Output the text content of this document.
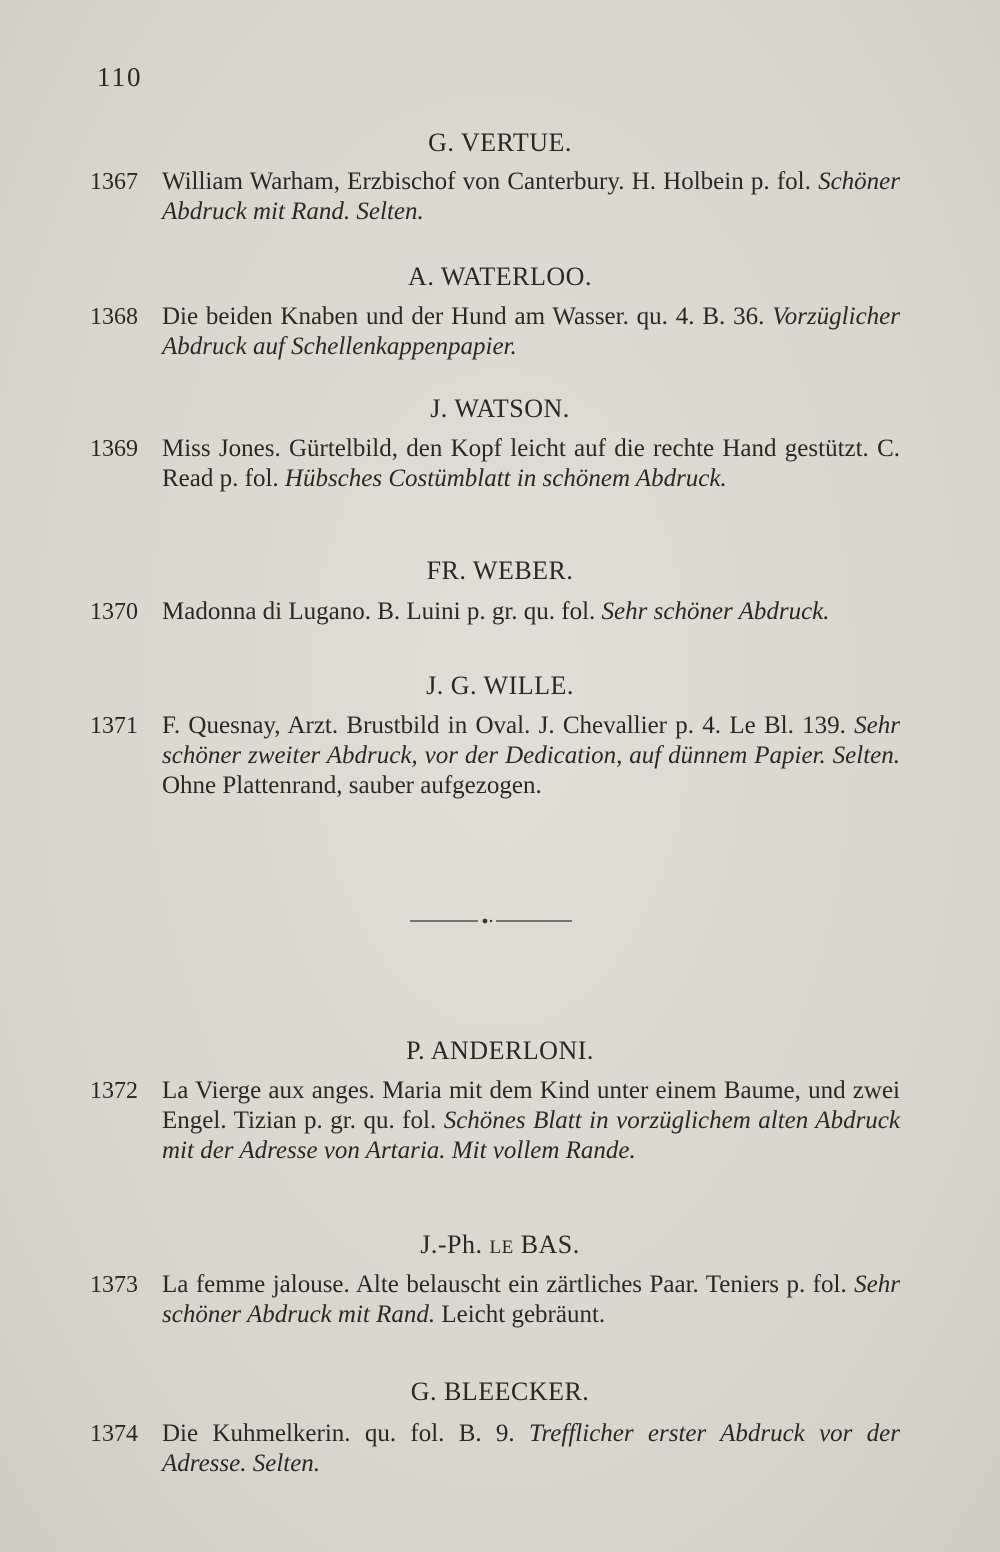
110
G. VERTUE.
1367 William Warham, Erzbischof von Canterbury. H. Holbein p. fol. Schöner Abdruck mit Rand. Selten.
A. WATERLOO.
1368 Die beiden Knaben und der Hund am Wasser. qu. 4. B. 36. Vorzüglicher Abdruck auf Schellenkappenpapier.
J. WATSON.
1369 Miss Jones. Gürtelbild, den Kopf leicht auf die rechte Hand gestützt. C. Read p. fol. Hübsches Costümblatt in schönem Abdruck.
FR. WEBER.
1370 Madonna di Lugano. B. Luini p. gr. qu. fol. Sehr schöner Abdruck.
J. G. WILLE.
1371 F. Quesnay, Arzt. Brustbild in Oval. J. Chevallier p. 4. Le Bl. 139. Sehr schöner zweiter Abdruck, vor der Dedication, auf dünnem Papier. Selten. Ohne Plattenrand, sauber aufgezogen.
P. ANDERLONI.
1372 La Vierge aux anges. Maria mit dem Kind unter einem Baume, und zwei Engel. Tizian p. gr. qu. fol. Schönes Blatt in vorzüglichem alten Abdruck mit der Adresse von Artaria. Mit vollem Rande.
J.-Ph. LE BAS.
1373 La femme jalouse. Alte belauscht ein zärtliches Paar. Teniers p. fol. Sehr schöner Abdruck mit Rand. Leicht gebräunt.
G. BLEECKER.
1374 Die Kuhmelkerin. qu. fol. B. 9. Trefflicher erster Abdruck vor der Adresse. Selten.
